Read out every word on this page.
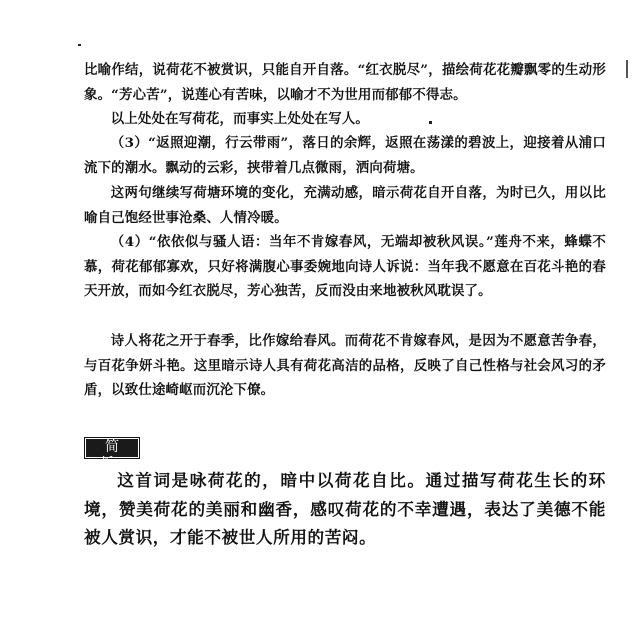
比喻作结，说荷花不被赏识，只能自开自落。“红衣脱尽”，描绘荷花花瓣飘零的生动形象。“芳心苦”，说莲心有苦味，以喻才不为世用而郁郁不得志。

以上处处在写荷花，而事实上处处在写人。

（3）“返照迎潮，行云带雨”，落日的余辉，返照在荡漾的碧波上，迎接着从浦口流下的潮水。飘动的云彩，挟带着几点微雨，洒向荷塘。

这两句继续写荷塘环境的变化，充满动感，暗示荷花自开自落，为时已久，用以比喻自己饱经世事沧桑、人情冷暖。

（4）“依依似与骚人语：当年不肯嫁春风，无端却被秋风误。”莲舟不来，蜂蝶不慕，荷花郁郁寡欢，只好将满腹心事委婉地向诗人诉说：当年我不愿意在百花斗艳的春天开放，而如今红衣脱尽，芳心独苦，反而没由来地被秋风耽误了。

诗人将花之开于春季，比作嫁给春风。而荷花不肯嫁春风，是因为不愿意苦争春，与百花争妍斗艳。这里暗示诗人具有荷花高洁的品格，反映了自己性格与社会风习的矛盾，以致仕途崎岖而沉沦下僚。

简析

这首词是咏荷花的，暗中以荷花自比。通过描写荷花生长的环境，赞美荷花的美丽和幽香，感叹荷花的不幸遭遇，表达了美德不能被人赏识，才能不被世人所用的苦闷。
